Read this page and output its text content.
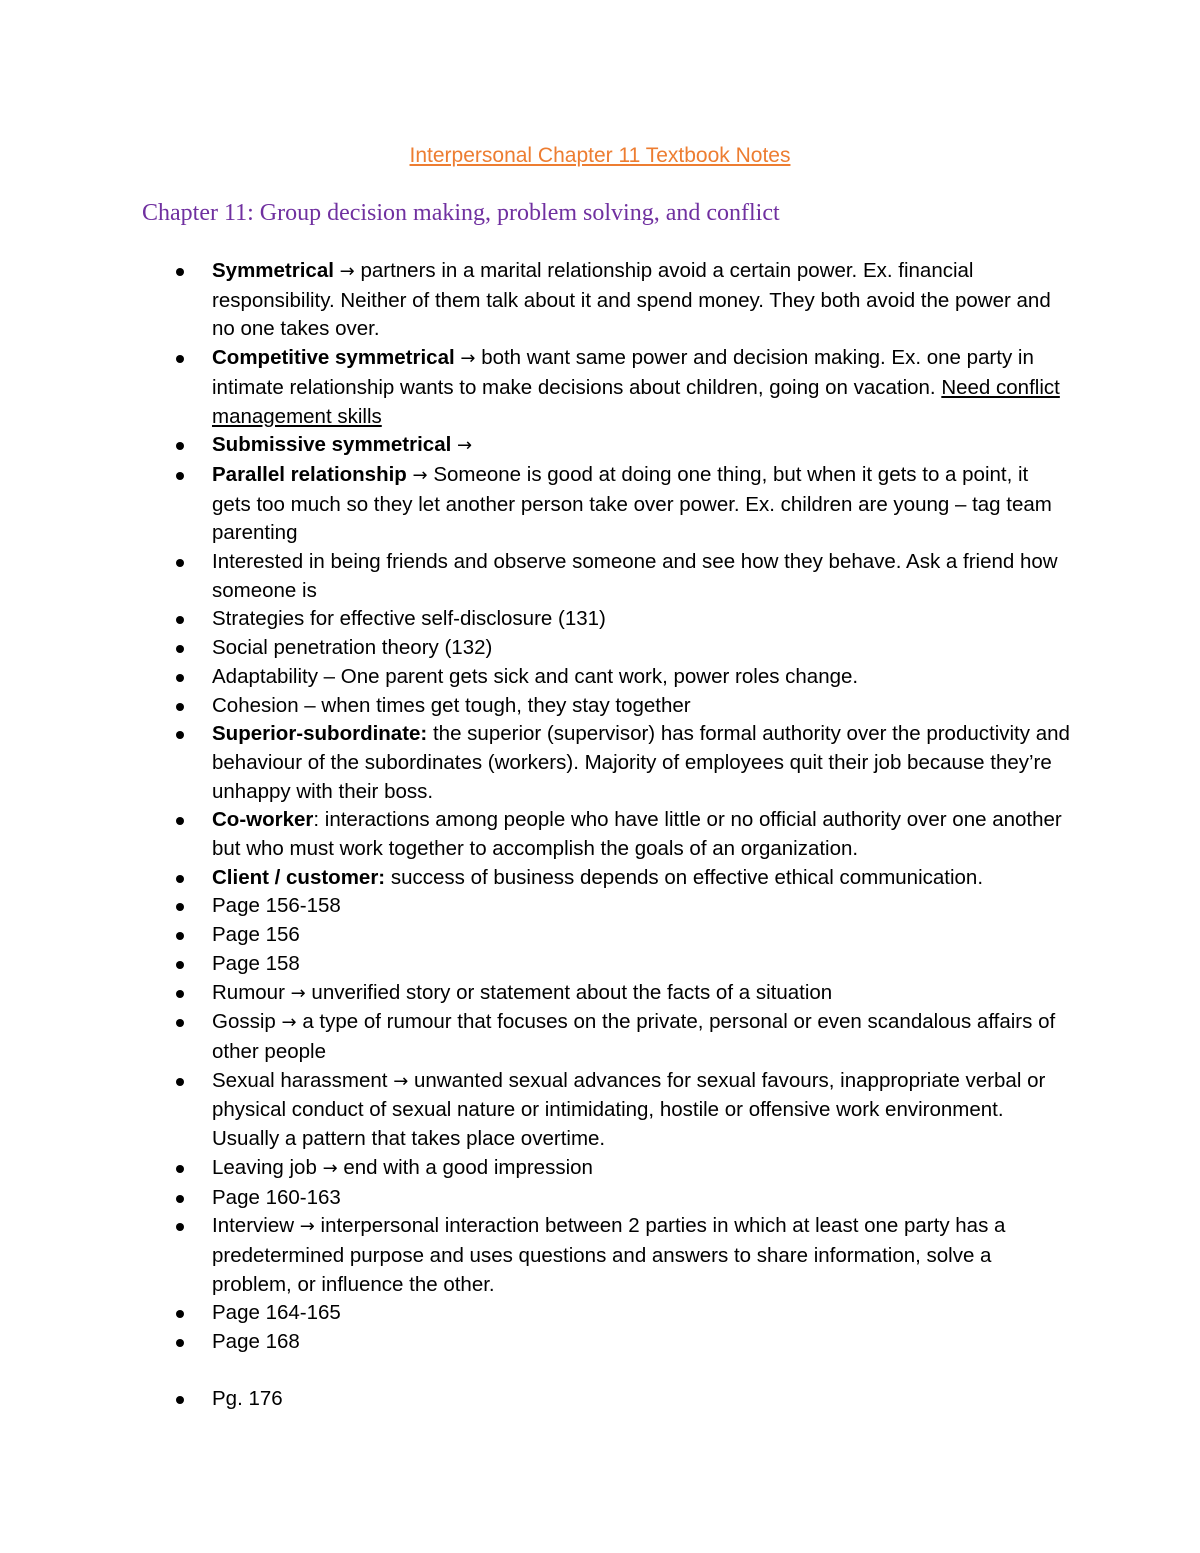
Interpersonal Chapter 11 Textbook Notes
Chapter 11: Group decision making, problem solving, and conflict
Symmetrical → partners in a marital relationship avoid a certain power. Ex. financial responsibility. Neither of them talk about it and spend money. They both avoid the power and no one takes over.
Competitive symmetrical → both want same power and decision making. Ex. one party in intimate relationship wants to make decisions about children, going on vacation. Need conflict management skills
Submissive symmetrical →
Parallel relationship → Someone is good at doing one thing, but when it gets to a point, it gets too much so they let another person take over power. Ex. children are young – tag team parenting
Interested in being friends and observe someone and see how they behave. Ask a friend how someone is
Strategies for effective self-disclosure (131)
Social penetration theory (132)
Adaptability – One parent gets sick and cant work, power roles change.
Cohesion – when times get tough, they stay together
Superior-subordinate: the superior (supervisor) has formal authority over the productivity and behaviour of the subordinates (workers). Majority of employees quit their job because they’re unhappy with their boss.
Co-worker: interactions among people who have little or no official authority over one another but who must work together to accomplish the goals of an organization.
Client / customer: success of business depends on effective ethical communication.
Page 156-158
Page 156
Page 158
Rumour → unverified story or statement about the facts of a situation
Gossip → a type of rumour that focuses on the private, personal or even scandalous affairs of other people
Sexual harassment → unwanted sexual advances for sexual favours, inappropriate verbal or physical conduct of sexual nature or intimidating, hostile or offensive work environment. Usually a pattern that takes place overtime.
Leaving job → end with a good impression
Page 160-163
Interview → interpersonal interaction between 2 parties in which at least one party has a predetermined purpose and uses questions and answers to share information, solve a problem, or influence the other.
Page 164-165
Page 168
Pg. 176
